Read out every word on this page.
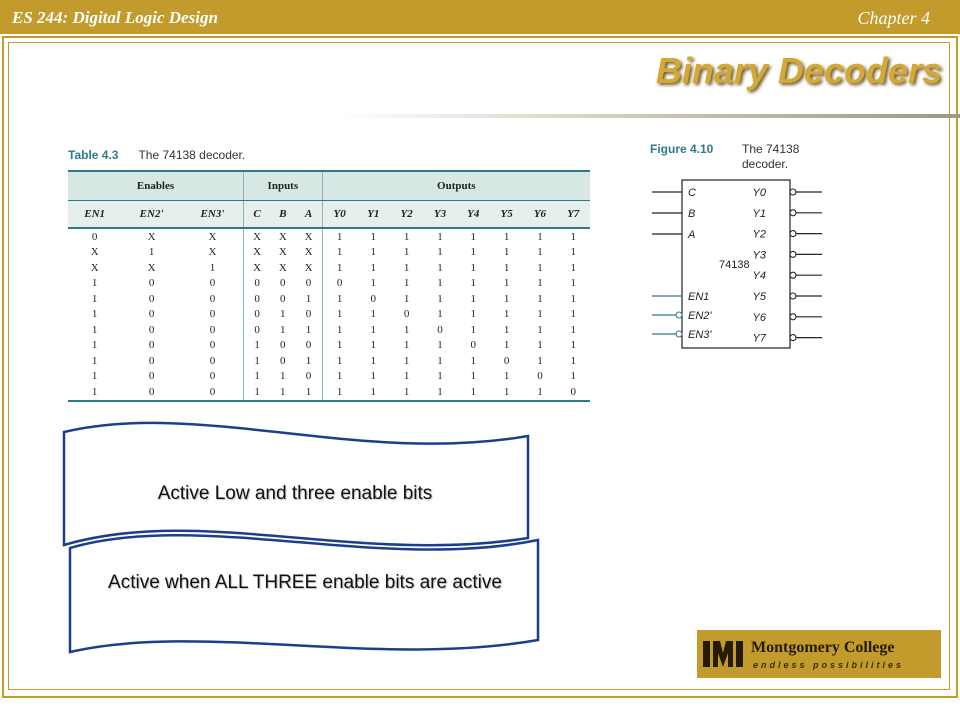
ES 244: Digital Logic Design	Chapter 4
Binary Decoders
Table 4.3 The 74138 decoder.
Enables			Inputs			Outputs							
EN1	EN2'	EN3'	C	B	A	Y0	Y1	Y2	Y3	Y4	Y5	Y6	Y7
0	X	X	X	X	X	1	1	1	1	1	1	1	1
X	1	X	X	X	X	1	1	1	1	1	1	1	1
X	X	1	X	X	X	1	1	1	1	1	1	1	1
1	0	0	0	0	0	0	1	1	1	1	1	1	1
1	0	0	0	0	1	1	0	1	1	1	1	1	1
1	0	0	0	1	0	1	1	0	1	1	1	1	1
1	0	0	0	1	1	1	1	1	0	1	1	1	1
1	0	0	1	0	0	1	1	1	1	0	1	1	1
1	0	0	1	0	1	1	1	1	1	1	0	1	1
1	0	0	1	1	0	1	1	1	1	1	1	0	1
1	0	0	1	1	1	1	1	1	1	1	1	1	0
Figure 4.10 The 74138 decoder.
C
B
A
EN1
EN2'
EN3'
Y0
Y1
Y2
Y3
Y4
Y5
Y6
Y7
74138
Active Low and three enable bits
Active when ALL THREE enable bits are active
Montgomery College
endless possibilities
